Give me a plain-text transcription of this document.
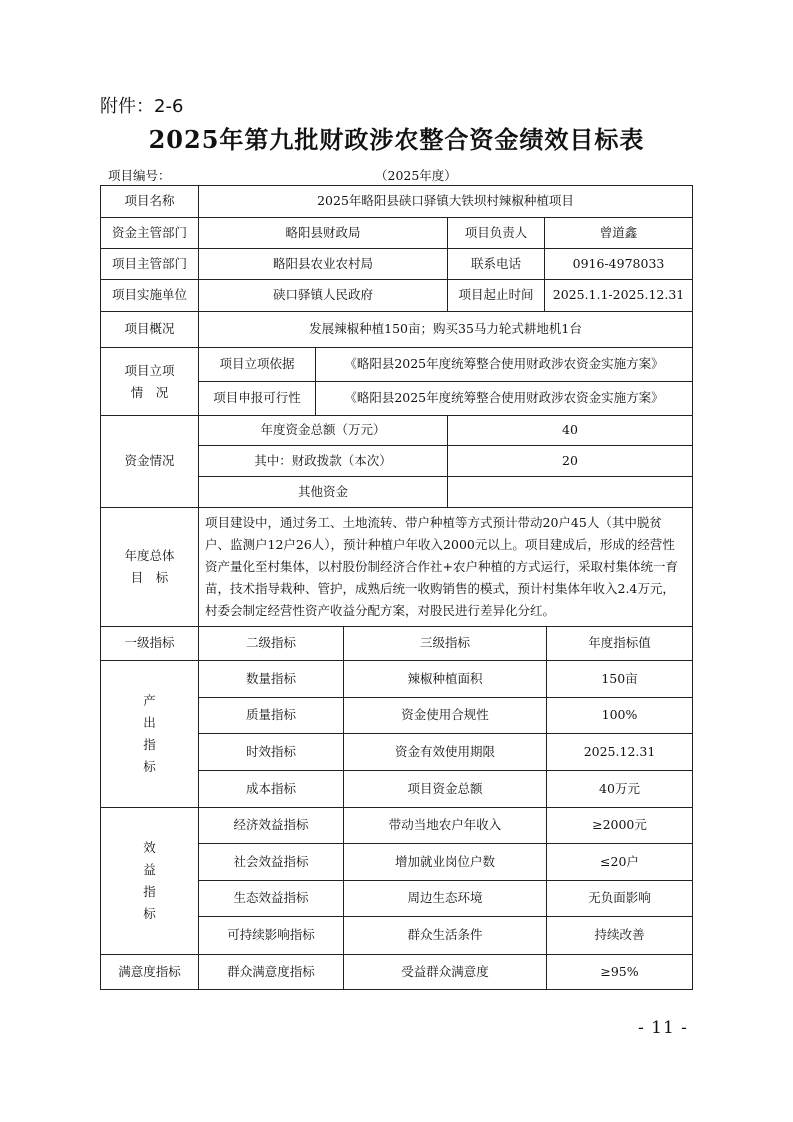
附件：2-6
2025年第九批财政涉农整合资金绩效目标表
项目编号：	（2025年度）
项目名称	2025年略阳县硖口驿镇大铁坝村辣椒种植项目					
资金主管部门	略阳县财政局			项目负责人	曾道鑫	
项目主管部门	略阳县农业农村局			联系电话	0916-4978033	
项目实施单位	硖口驿镇人民政府			项目起止时间	2025.1.1-2025.12.31	
项目概况	发展辣椒种植150亩；购买35马力轮式耕地机1台					
项目立项
情　况	项目立项依据	《略阳县2025年度统筹整合使用财政涉农资金实施方案》				
	项目申报可行性	《略阳县2025年度统筹整合使用财政涉农资金实施方案》				
资金情况	年度资金总额（万元）			40		
	其中：财政拨款（本次）			20		
	其他资金					
年度总体
目　标	项目建设中，通过务工、土地流转、带户种植等方式预计带动20户45人（其中脱贫户、监测户12户26人），预计种植户年收入2000元以上。项目建成后，形成的经营性资产量化至村集体，以村股份制经济合作社+农户种植的方式运行，采取村集体统一育苗，技术指导栽种、管护，成熟后统一收购销售的模式，预计村集体年收入2.4万元，村委会制定经营性资产收益分配方案，对股民进行差异化分红。					
一级指标	二级指标		三级指标			年度指标值
产
出
指
标	数量指标		辣椒种植面积			150亩
	质量指标		资金使用合规性			100%
	时效指标		资金有效使用期限			2025.12.31
	成本指标		项目资金总额			40万元
效
益
指
标	经济效益指标		带动当地农户年收入			≥2000元
	社会效益指标		增加就业岗位户数			≤20户
	生态效益指标		周边生态环境			无负面影响
	可持续影响指标		群众生活条件			持续改善
满意度指标	群众满意度指标		受益群众满意度			≥95%
- 11 -
